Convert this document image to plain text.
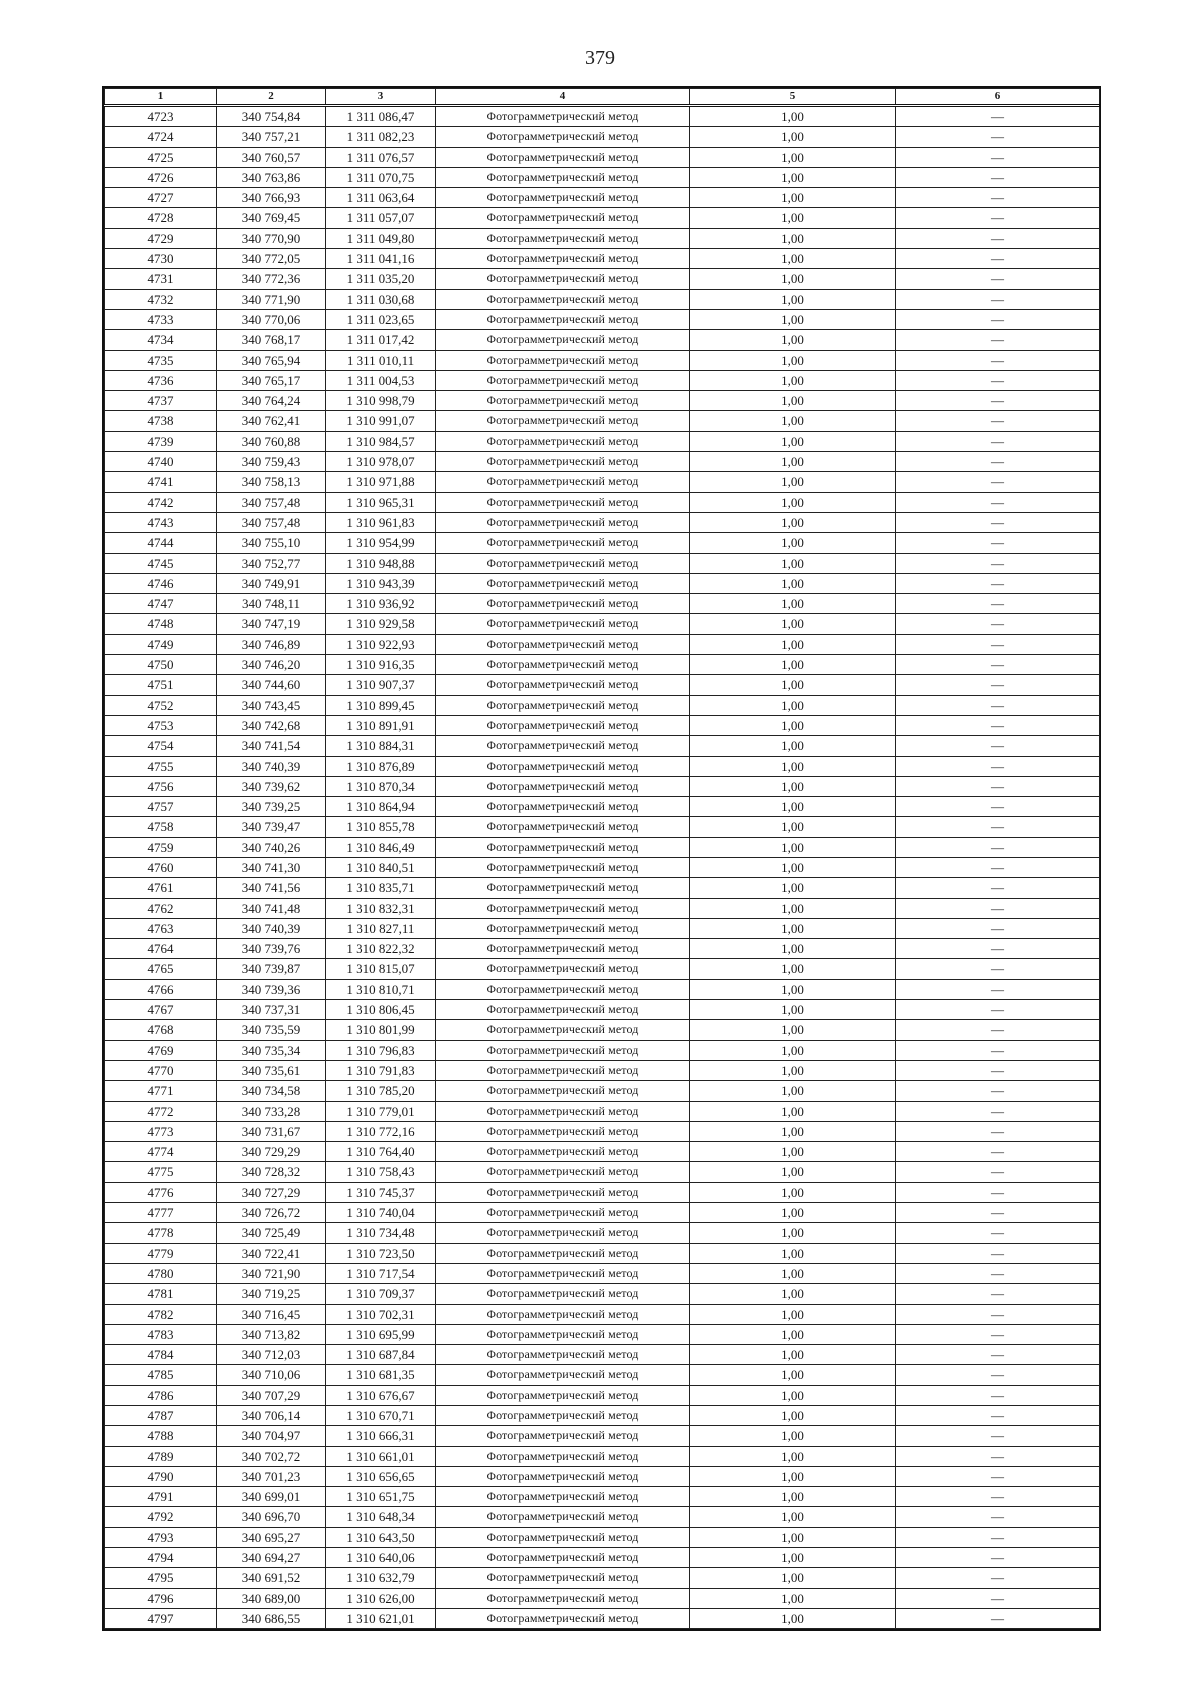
379
1	2	3	4	5	6
4723	340 754,84	1 311 086,47	Фотограмметрический метод	1,00	—
4724	340 757,21	1 311 082,23	Фотограмметрический метод	1,00	—
4725	340 760,57	1 311 076,57	Фотограмметрический метод	1,00	—
4726	340 763,86	1 311 070,75	Фотограмметрический метод	1,00	—
4727	340 766,93	1 311 063,64	Фотограмметрический метод	1,00	—
4728	340 769,45	1 311 057,07	Фотограмметрический метод	1,00	—
4729	340 770,90	1 311 049,80	Фотограмметрический метод	1,00	—
4730	340 772,05	1 311 041,16	Фотограмметрический метод	1,00	—
4731	340 772,36	1 311 035,20	Фотограмметрический метод	1,00	—
4732	340 771,90	1 311 030,68	Фотограмметрический метод	1,00	—
4733	340 770,06	1 311 023,65	Фотограмметрический метод	1,00	—
4734	340 768,17	1 311 017,42	Фотограмметрический метод	1,00	—
4735	340 765,94	1 311 010,11	Фотограмметрический метод	1,00	—
4736	340 765,17	1 311 004,53	Фотограмметрический метод	1,00	—
4737	340 764,24	1 310 998,79	Фотограмметрический метод	1,00	—
4738	340 762,41	1 310 991,07	Фотограмметрический метод	1,00	—
4739	340 760,88	1 310 984,57	Фотограмметрический метод	1,00	—
4740	340 759,43	1 310 978,07	Фотограмметрический метод	1,00	—
4741	340 758,13	1 310 971,88	Фотограмметрический метод	1,00	—
4742	340 757,48	1 310 965,31	Фотограмметрический метод	1,00	—
4743	340 757,48	1 310 961,83	Фотограмметрический метод	1,00	—
4744	340 755,10	1 310 954,99	Фотограмметрический метод	1,00	—
4745	340 752,77	1 310 948,88	Фотограмметрический метод	1,00	—
4746	340 749,91	1 310 943,39	Фотограмметрический метод	1,00	—
4747	340 748,11	1 310 936,92	Фотограмметрический метод	1,00	—
4748	340 747,19	1 310 929,58	Фотограмметрический метод	1,00	—
4749	340 746,89	1 310 922,93	Фотограмметрический метод	1,00	—
4750	340 746,20	1 310 916,35	Фотограмметрический метод	1,00	—
4751	340 744,60	1 310 907,37	Фотограмметрический метод	1,00	—
4752	340 743,45	1 310 899,45	Фотограмметрический метод	1,00	—
4753	340 742,68	1 310 891,91	Фотограмметрический метод	1,00	—
4754	340 741,54	1 310 884,31	Фотограмметрический метод	1,00	—
4755	340 740,39	1 310 876,89	Фотограмметрический метод	1,00	—
4756	340 739,62	1 310 870,34	Фотограмметрический метод	1,00	—
4757	340 739,25	1 310 864,94	Фотограмметрический метод	1,00	—
4758	340 739,47	1 310 855,78	Фотограмметрический метод	1,00	—
4759	340 740,26	1 310 846,49	Фотограмметрический метод	1,00	—
4760	340 741,30	1 310 840,51	Фотограмметрический метод	1,00	—
4761	340 741,56	1 310 835,71	Фотограмметрический метод	1,00	—
4762	340 741,48	1 310 832,31	Фотограмметрический метод	1,00	—
4763	340 740,39	1 310 827,11	Фотограмметрический метод	1,00	—
4764	340 739,76	1 310 822,32	Фотограмметрический метод	1,00	—
4765	340 739,87	1 310 815,07	Фотограмметрический метод	1,00	—
4766	340 739,36	1 310 810,71	Фотограмметрический метод	1,00	—
4767	340 737,31	1 310 806,45	Фотограмметрический метод	1,00	—
4768	340 735,59	1 310 801,99	Фотограмметрический метод	1,00	—
4769	340 735,34	1 310 796,83	Фотограмметрический метод	1,00	—
4770	340 735,61	1 310 791,83	Фотограмметрический метод	1,00	—
4771	340 734,58	1 310 785,20	Фотограмметрический метод	1,00	—
4772	340 733,28	1 310 779,01	Фотограмметрический метод	1,00	—
4773	340 731,67	1 310 772,16	Фотограмметрический метод	1,00	—
4774	340 729,29	1 310 764,40	Фотограмметрический метод	1,00	—
4775	340 728,32	1 310 758,43	Фотограмметрический метод	1,00	—
4776	340 727,29	1 310 745,37	Фотограмметрический метод	1,00	—
4777	340 726,72	1 310 740,04	Фотограмметрический метод	1,00	—
4778	340 725,49	1 310 734,48	Фотограмметрический метод	1,00	—
4779	340 722,41	1 310 723,50	Фотограмметрический метод	1,00	—
4780	340 721,90	1 310 717,54	Фотограмметрический метод	1,00	—
4781	340 719,25	1 310 709,37	Фотограмметрический метод	1,00	—
4782	340 716,45	1 310 702,31	Фотограмметрический метод	1,00	—
4783	340 713,82	1 310 695,99	Фотограмметрический метод	1,00	—
4784	340 712,03	1 310 687,84	Фотограмметрический метод	1,00	—
4785	340 710,06	1 310 681,35	Фотограмметрический метод	1,00	—
4786	340 707,29	1 310 676,67	Фотограмметрический метод	1,00	—
4787	340 706,14	1 310 670,71	Фотограмметрический метод	1,00	—
4788	340 704,97	1 310 666,31	Фотограмметрический метод	1,00	—
4789	340 702,72	1 310 661,01	Фотограмметрический метод	1,00	—
4790	340 701,23	1 310 656,65	Фотограмметрический метод	1,00	—
4791	340 699,01	1 310 651,75	Фотограмметрический метод	1,00	—
4792	340 696,70	1 310 648,34	Фотограмметрический метод	1,00	—
4793	340 695,27	1 310 643,50	Фотограмметрический метод	1,00	—
4794	340 694,27	1 310 640,06	Фотограмметрический метод	1,00	—
4795	340 691,52	1 310 632,79	Фотограмметрический метод	1,00	—
4796	340 689,00	1 310 626,00	Фотограмметрический метод	1,00	—
4797	340 686,55	1 310 621,01	Фотограмметрический метод	1,00	—
